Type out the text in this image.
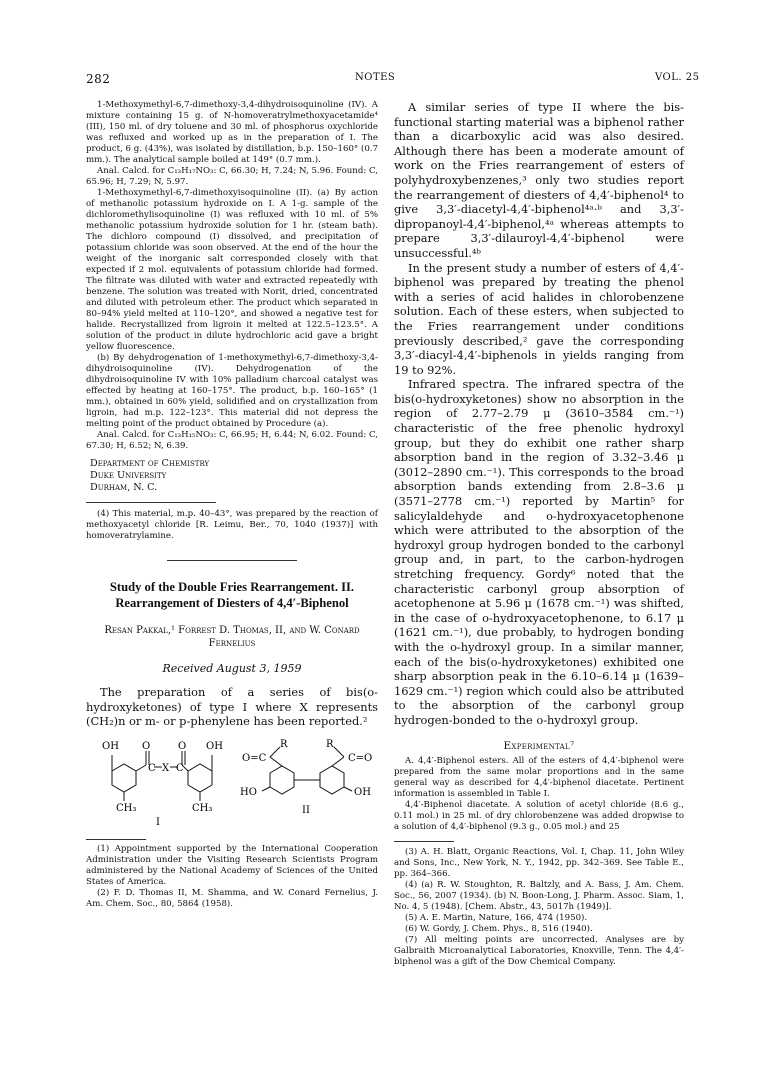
282	NOTES	VOL. 25

1-Methoxymethyl-6,7-dimethoxy-3,4-dihydroisoquinoline (IV). A mixture containing 15 g. of N-homoveratrylmethoxyacetamide⁴ (III), 150 ml. of dry toluene and 30 ml. of phosphorus oxychloride was refluxed and worked up as in the preparation of I. The product, 6 g. (43%), was isolated by distillation, b.p. 150–160° (0.7 mm.). The analytical sample boiled at 149° (0.7 mm.).

Anal. Calcd. for C₁₃H₁₇NO₃: C, 66.30; H, 7.24; N, 5.96. Found: C, 65.96; H, 7.29; N, 5.97.

1-Methoxymethyl-6,7-dimethoxyisoquinoline (II). (a) By action of methanolic potassium hydroxide on I. A 1-g. sample of the dichloromethylisoquinoline (I) was refluxed with 10 ml. of 5% methanolic potassium hydroxide solution for 1 hr. (steam bath). The dichloro compound (I) dissolved, and precipitation of potassium chloride was soon observed. At the end of the hour the weight of the inorganic salt corresponded closely with that expected if 2 mol. equivalents of potassium chloride had formed. The filtrate was diluted with water and extracted repeatedly with benzene. The solution was treated with Norit, dried, concentrated and diluted with petroleum ether. The product which separated in 80–94% yield melted at 110–120°, and showed a negative test for halide. Recrystallized from ligroin it melted at 122.5–123.5°. A solution of the product in dilute hydrochloric acid gave a bright yellow fluorescence.

(b) By dehydrogenation of 1-methoxymethyl-6,7-dimethoxy-3,4-dihydroisoquinoline (IV). Dehydrogenation of the dihydroisoquinoline IV with 10% palladium charcoal catalyst was effected by heating at 160–175°. The product, b.p. 160–165° (1 mm.), obtained in 60% yield, solidified and on crystallization from ligroin, had m.p. 122–123°. This material did not depress the melting point of the product obtained by Procedure (a).

Anal. Calcd. for C₁₃H₁₅NO₃: C, 66.95; H, 6.44; N, 6.02. Found: C, 67.30; H, 6.52; N, 6.39.

Department of Chemistry

Duke University

Durham, N. C.

(4) This material, m.p. 40–43°, was prepared by the reaction of methoxyacetyl chloride [R. Leimu, Ber., 70, 1040 (1937)] with homoveratrylamine.

Study of the Double Fries Rearrangement. II. Rearrangement of Diesters of 4,4′-Biphenol

Resan Pakkal,¹ Forrest D. Thomas, II, and W. Conard Fernelius

Received August 3, 1959

The preparation of a series of bis(o-hydroxyketones) of type I where X represents (CH₂)n or m- or p-phenylene has been reported.²

OH O	O OH
C X C
CH₃	CH₃
I
R	R
O=C	C=O
HO	OH
II

(1) Appointment supported by the International Cooperation Administration under the Visiting Research Scientists Program administered by the National Academy of Sciences of the United States of America.

(2) F. D. Thomas II, M. Shamma, and W. Conard Fernelius, J. Am. Chem. Soc., 80, 5864 (1958).

A similar series of type II where the bis-functional starting material was a biphenol rather than a dicarboxylic acid was also desired. Although there has been a moderate amount of work on the Fries rearrangement of esters of polyhydroxybenzenes,³ only two studies report the rearrangement of diesters of 4,4′-biphenol⁴ to give 3,3′-diacetyl-4,4′-biphenol⁴ᵃ·ᵇ and 3,3′-dipropanoyl-4,4′-biphenol,⁴ᵃ whereas attempts to prepare 3,3′-dilauroyl-4,4′-biphenol were unsuccessful.⁴ᵇ

In the present study a number of esters of 4,4′-biphenol was prepared by treating the phenol with a series of acid halides in chlorobenzene solution. Each of these esters, when subjected to the Fries rearrangement under conditions previously described,² gave the corresponding 3,3′-diacyl-4,4′-biphenols in yields ranging from 19 to 92%.

Infrared spectra. The infrared spectra of the bis(o-hydroxyketones) show no absorption in the region of 2.77–2.79 μ (3610–3584 cm.⁻¹) characteristic of the free phenolic hydroxyl group, but they do exhibit one rather sharp absorption band in the region of 3.32–3.46 μ (3012–2890 cm.⁻¹). This corresponds to the broad absorption bands extending from 2.8–3.6 μ (3571–2778 cm.⁻¹) reported by Martin⁵ for salicylaldehyde and o-hydroxyacetophenone which were attributed to the absorption of the hydroxyl group hydrogen bonded to the carbonyl group and, in part, to the carbon-hydrogen stretching frequency. Gordy⁶ noted that the characteristic carbonyl group absorption of acetophenone at 5.96 μ (1678 cm.⁻¹) was shifted, in the case of o-hydroxyacetophenone, to 6.17 μ (1621 cm.⁻¹), due probably, to hydrogen bonding with the o-hydroxyl group. In a similar manner, each of the bis(o-hydroxyketones) exhibited one sharp absorption peak in the 6.10–6.14 μ (1639–1629 cm.⁻¹) region which could also be attributed to the absorption of the carbonyl group hydrogen-bonded to the o-hydroxyl group.

Experimental⁷

A. 4,4′-Biphenol esters. All of the esters of 4,4′-biphenol were prepared from the same molar proportions and in the same general way as described for 4,4′-biphenol diacetate. Pertinent information is assembled in Table I.

4,4′-Biphenol diacetate. A solution of acetyl chloride (8.6 g., 0.11 mol.) in 25 ml. of dry chlorobenzene was added dropwise to a solution of 4,4′-biphenol (9.3 g., 0.05 mol.) and 25

(3) A. H. Blatt, Organic Reactions, Vol. I, Chap. 11, John Wiley and Sons, Inc., New York, N. Y., 1942, pp. 342–369. See Table E., pp. 364–366.

(4) (a) R. W. Stoughton, R. Baltzly, and A. Bass, J. Am. Chem. Soc., 56, 2007 (1934). (b) N. Boon-Long, J. Pharm. Assoc. Siam, 1, No. 4, 5 (1948). [Chem. Abstr., 43, 5017h (1949)].

(5) A. E. Martin, Nature, 166, 474 (1950).

(6) W. Gordy, J. Chem. Phys., 8, 516 (1940).

(7) All melting points are uncorrected. Analyses are by Galbraith Microanalytical Laboratories, Knoxville, Tenn. The 4,4′-biphenol was a gift of the Dow Chemical Company.
